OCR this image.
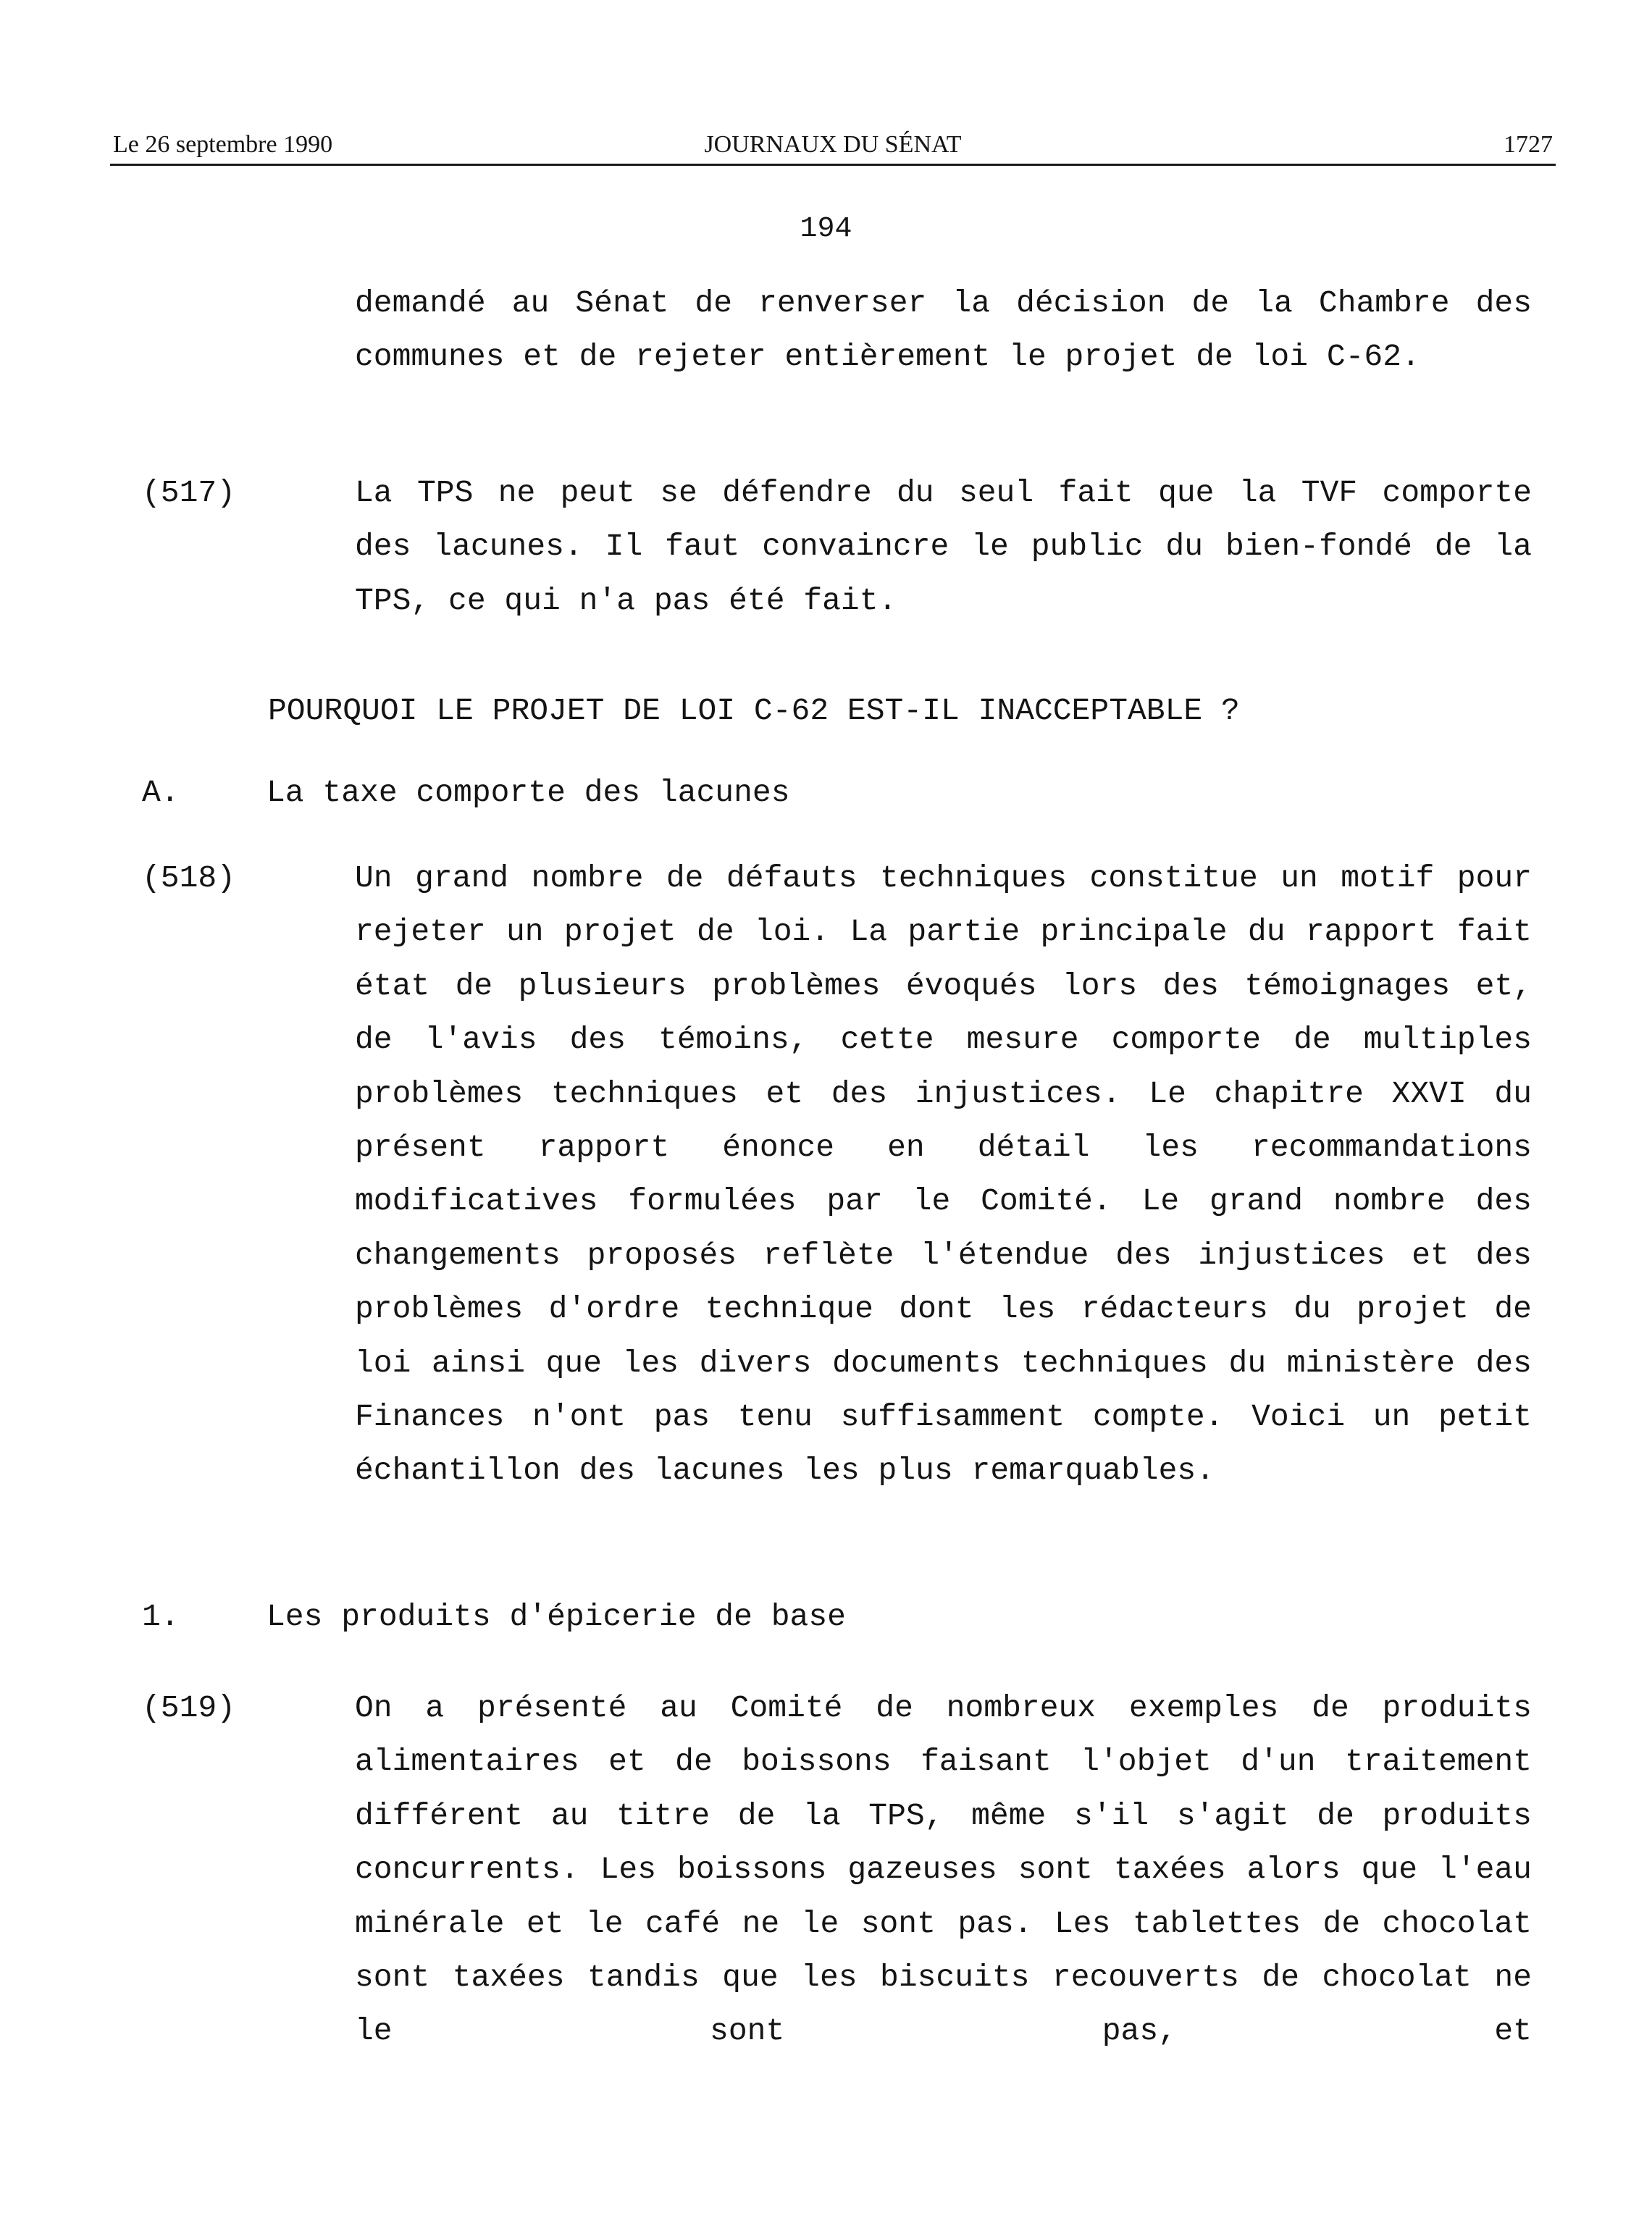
Le 26 septembre 1990	JOURNAUX DU SÉNAT	1727
194
demandé au Sénat de renverser la décision de la Chambre des communes et de rejeter entièrement le projet de loi C-62.
(517)	La TPS ne peut se défendre du seul fait que la TVF comporte des lacunes. Il faut convaincre le public du bien-fondé de la TPS, ce qui n'a pas été fait.
POURQUOI LE PROJET DE LOI C-62 EST-IL INACCEPTABLE ?
A.	La taxe comporte des lacunes
(518)	Un grand nombre de défauts techniques constitue un motif pour rejeter un projet de loi. La partie principale du rapport fait état de plusieurs problèmes évoqués lors des témoignages et, de l'avis des témoins, cette mesure comporte de multiples problèmes techniques et des injustices. Le chapitre XXVI du présent rapport énonce en détail les recommandations modificatives formulées par le Comité. Le grand nombre des changements proposés reflète l'étendue des injustices et des problèmes d'ordre technique dont les rédacteurs du projet de loi ainsi que les divers documents techniques du ministère des Finances n'ont pas tenu suffisamment compte. Voici un petit échantillon des lacunes les plus remarquables.
1.	Les produits d'épicerie de base
(519)	On a présenté au Comité de nombreux exemples de produits alimentaires et de boissons faisant l'objet d'un traitement différent au titre de la TPS, même s'il s'agit de produits concurrents. Les boissons gazeuses sont taxées alors que l'eau minérale et le café ne le sont pas. Les tablettes de chocolat sont taxées tandis que les biscuits recouverts de chocolat ne le sont pas, et
